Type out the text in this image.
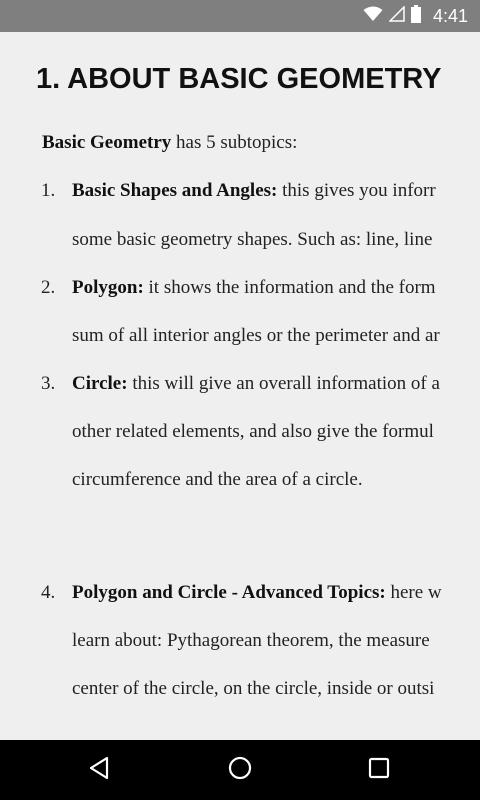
4:41
1. ABOUT BASIC GEOMETRY
Basic Geometry has 5 subtopics:
1. Basic Shapes and Angles: this gives you inforr
some basic geometry shapes. Such as: line, line
2. Polygon: it shows the information and the form
sum of all interior angles or the perimeter and ar
3. Circle: this will give an overall information of a
other related elements, and also give the formul
circumference and the area of a circle.
4. Polygon and Circle - Advanced Topics: here w
learn about: Pythagorean theorem, the measure
center of the circle, on the circle, inside or outsi
